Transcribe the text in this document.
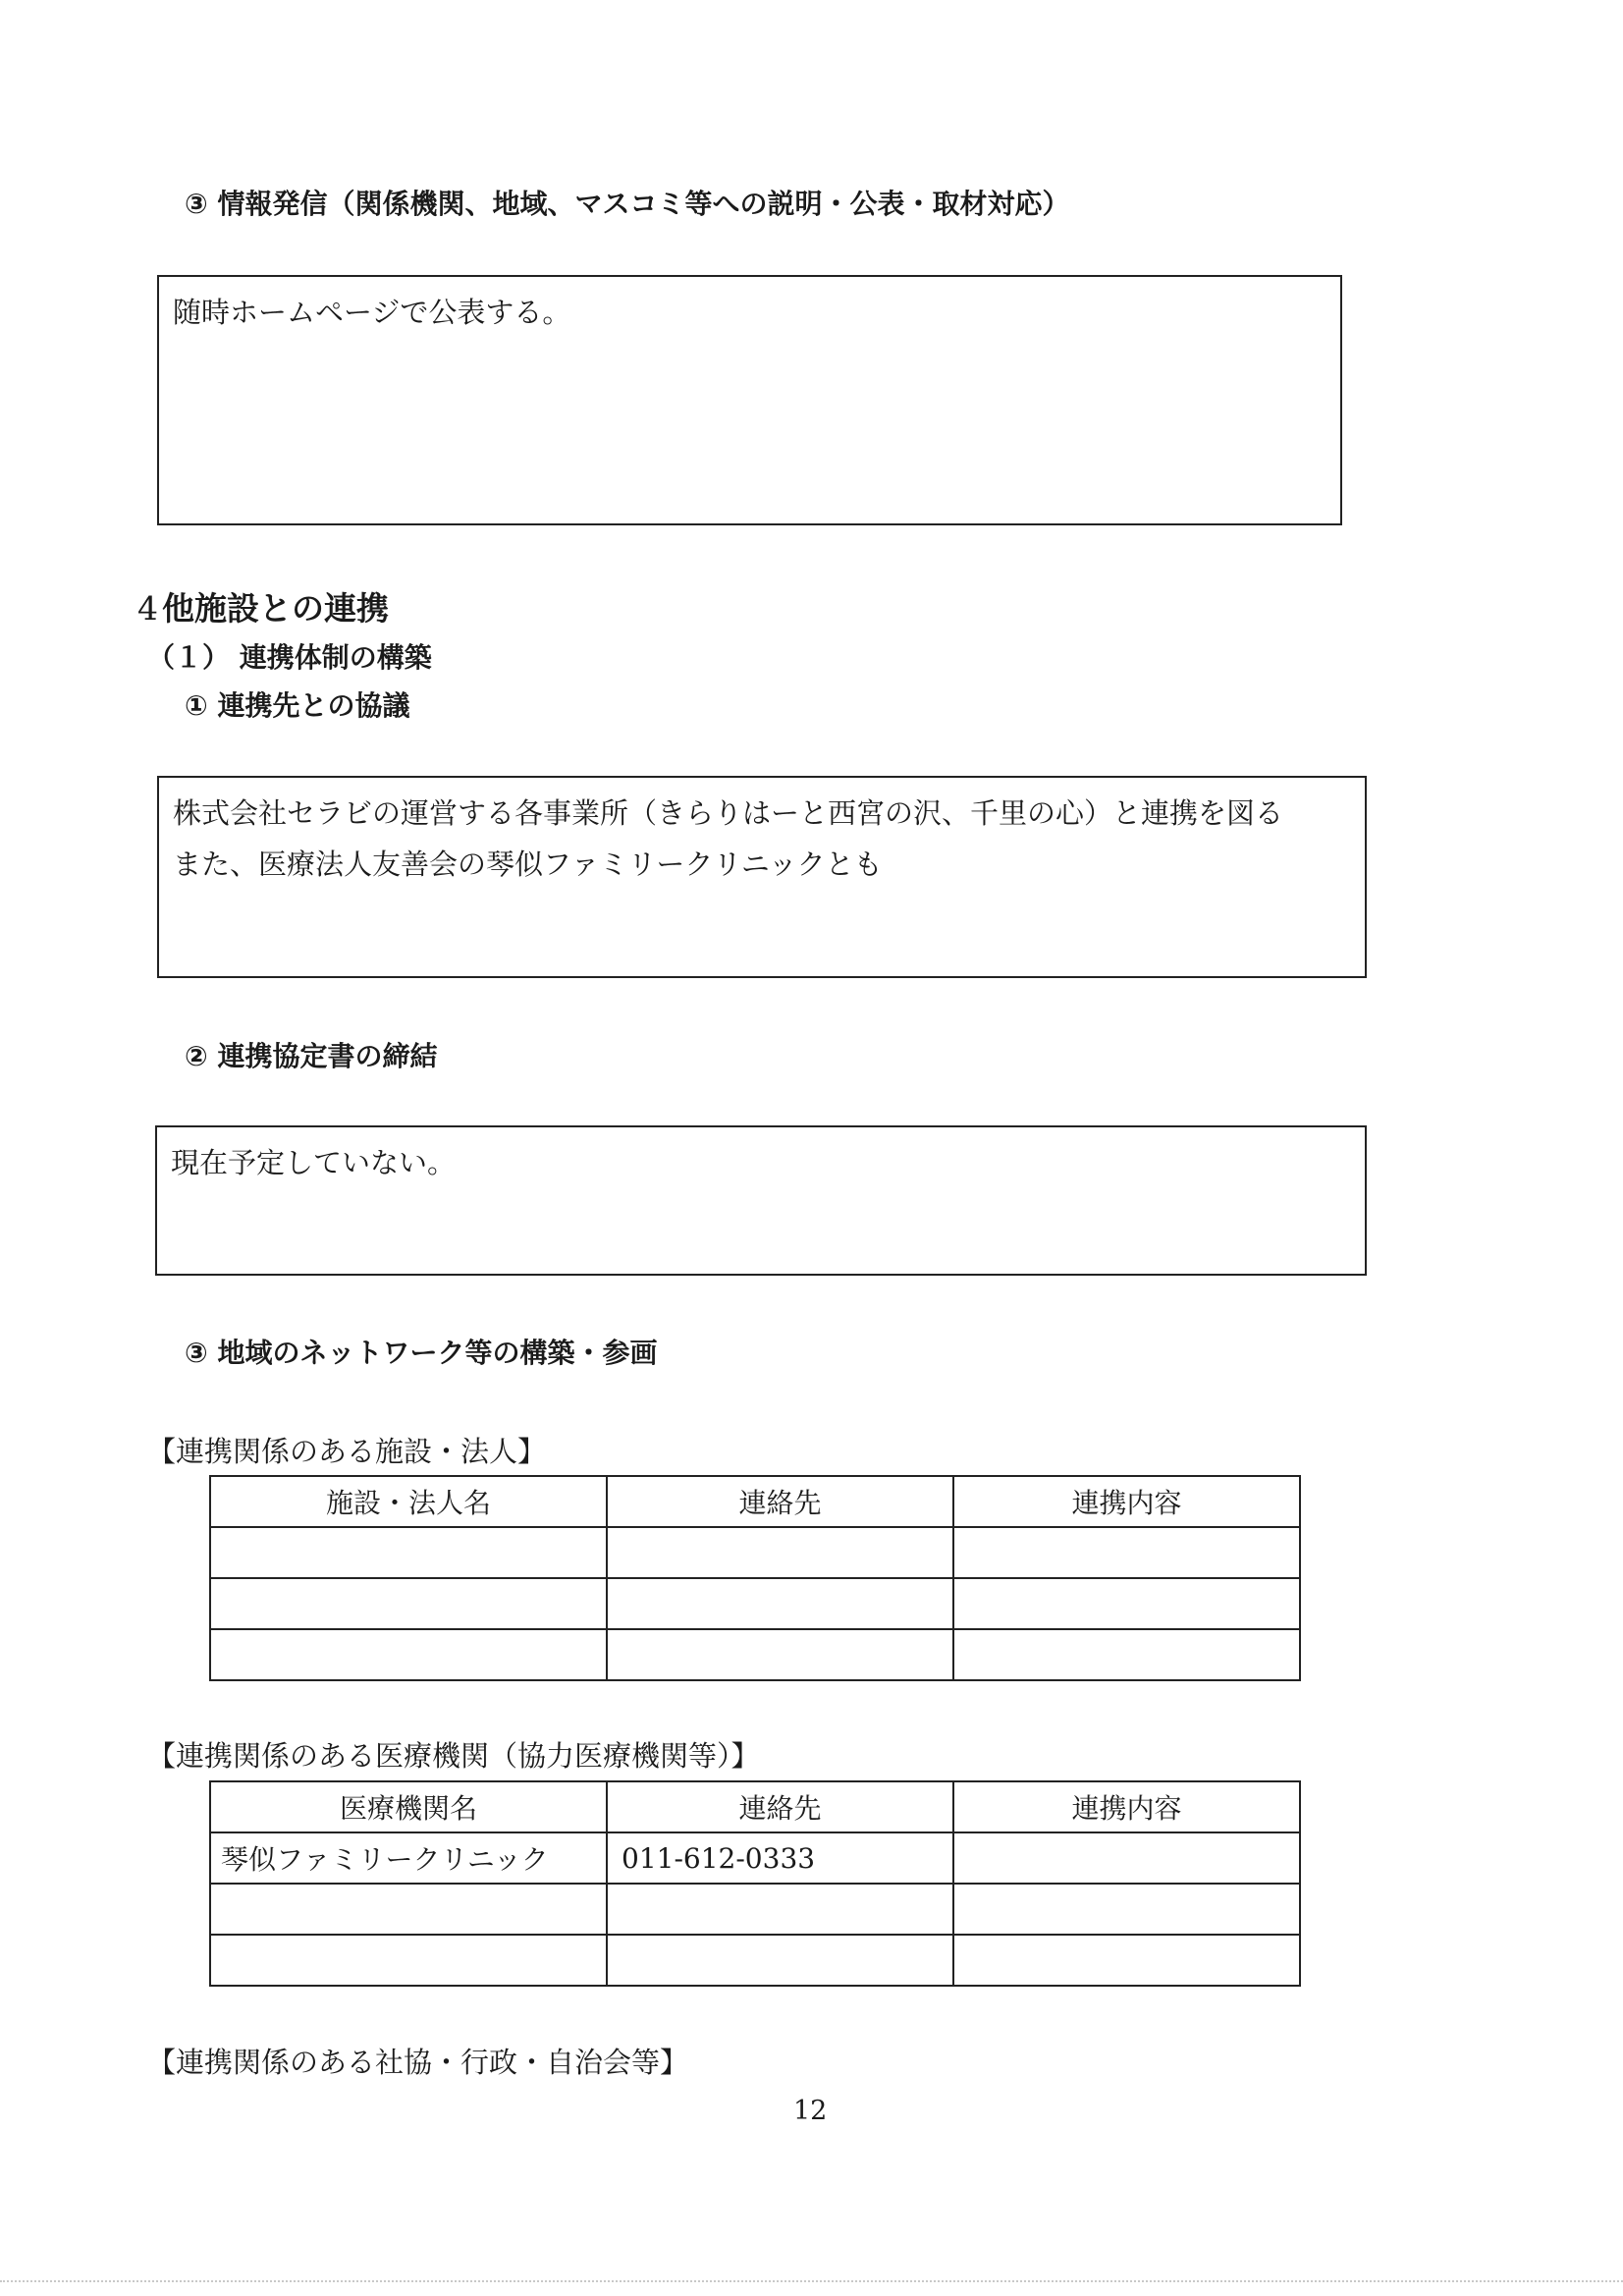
③ 情報発信（関係機関、地域、マスコミ等への説明・公表・取材対応）

随時ホームページで公表する。

4 他施設との連携
（１） 連携体制の構築
① 連携先との協議

株式会社セラビの運営する各事業所（きらりはーと西宮の沢、千里の心）と連携を図る

また、医療法人友善会の琴似ファミリークリニックとも

② 連携協定書の締結

現在予定していない。

③ 地域のネットワーク等の構築・参画
【連携関係のある施設・法人】
施設・法人名	連絡先	連携内容

【連携関係のある医療機関（協力医療機関等）】
医療機関名	連絡先	連携内容
琴似ファミリークリニック	011-612-0333	

【連携関係のある社協・行政・自治会等】
12
